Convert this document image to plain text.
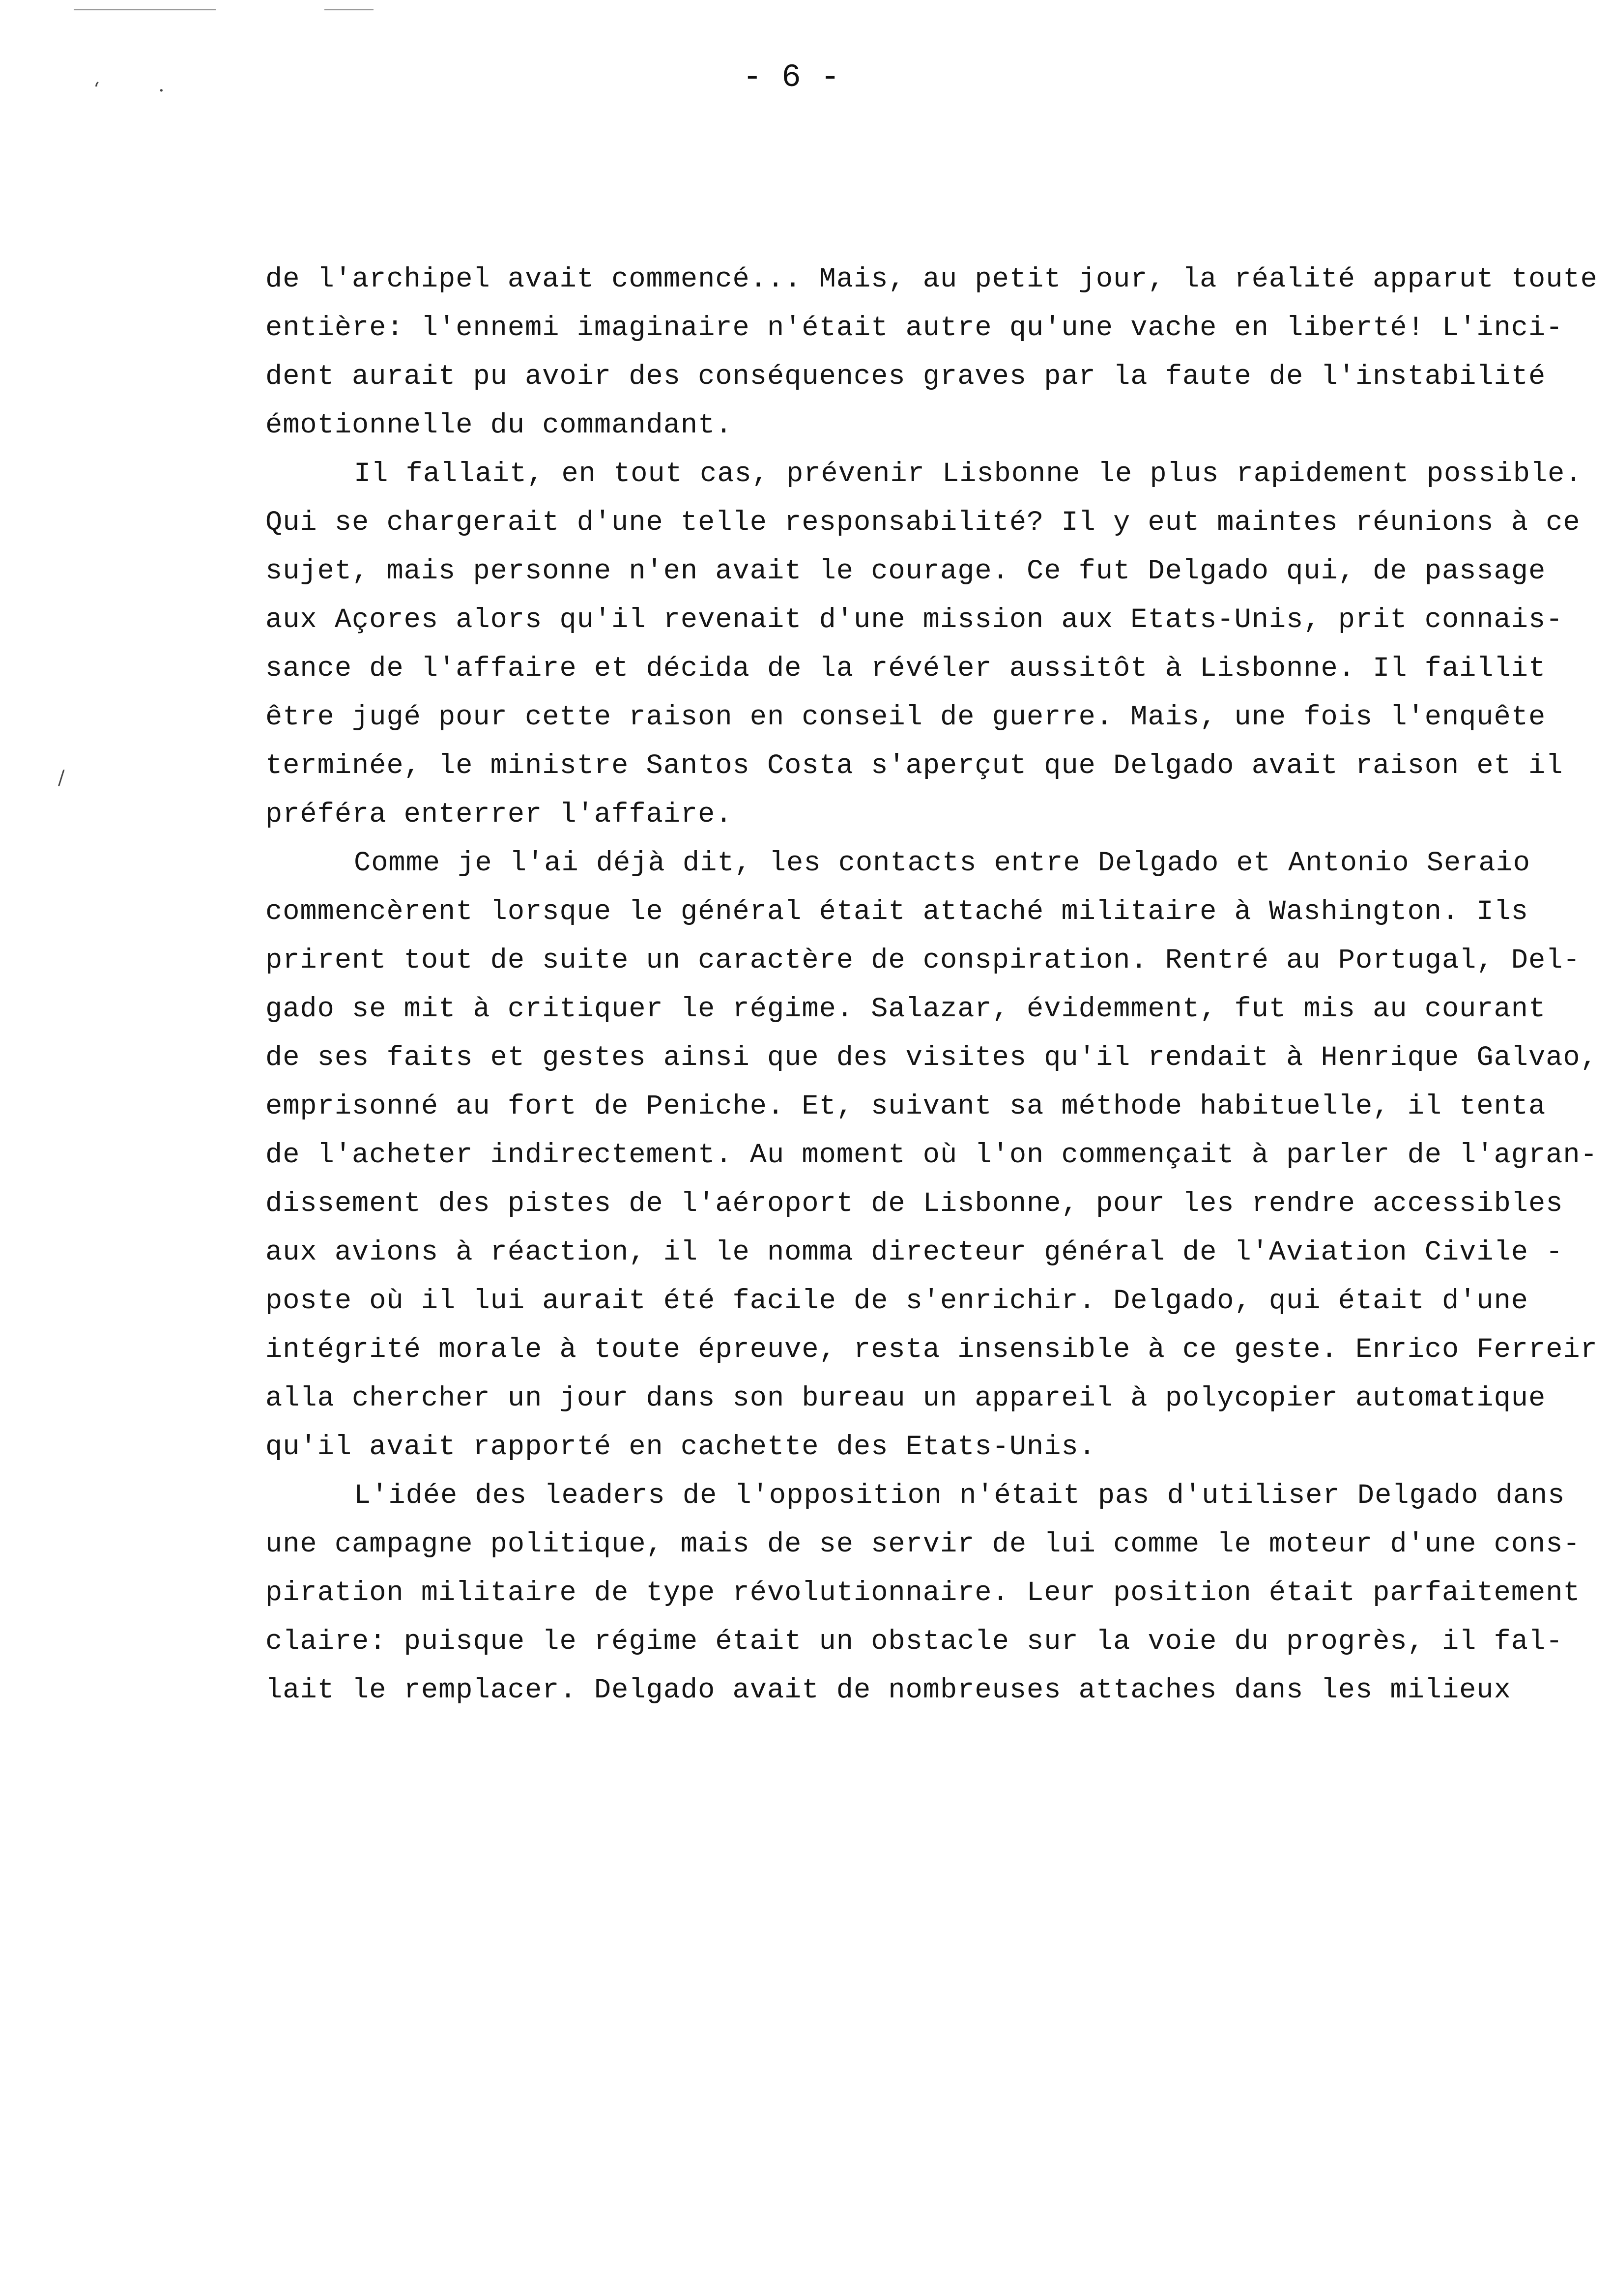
‘	·
/
- 6 -
de l'archipel avait commencé... Mais, au petit jour, la réalité apparut toute
entière: l'ennemi imaginaire n'était autre qu'une vache en liberté! L'inci-
dent aurait pu avoir des conséquences graves par la faute de l'instabilité
émotionnelle du commandant.
Il fallait, en tout cas, prévenir Lisbonne le plus rapidement possible.
Qui se chargerait d'une telle responsabilité? Il y eut maintes réunions à ce
sujet, mais personne n'en avait le courage. Ce fut Delgado qui, de passage
aux Açores alors qu'il revenait d'une mission aux Etats-Unis, prit connais-
sance de l'affaire et décida de la révéler aussitôt à Lisbonne. Il faillit
être jugé pour cette raison en conseil de guerre. Mais, une fois l'enquête
terminée, le ministre Santos Costa s'aperçut que Delgado avait raison et il
préféra enterrer l'affaire.
Comme je l'ai déjà dit, les contacts entre Delgado et Antonio Seraio
commencèrent lorsque le général était attaché militaire à Washington. Ils
prirent tout de suite un caractère de conspiration. Rentré au Portugal, Del-
gado se mit à critiquer le régime. Salazar, évidemment, fut mis au courant
de ses faits et gestes ainsi que des visites qu'il rendait à Henrique Galvao,
emprisonné au fort de Peniche. Et, suivant sa méthode habituelle, il tenta
de l'acheter indirectement. Au moment où l'on commençait à parler de l'agran-
dissement des pistes de l'aéroport de Lisbonne, pour les rendre accessibles
aux avions à réaction, il le nomma directeur général de l'Aviation Civile -
poste où il lui aurait été facile de s'enrichir. Delgado, qui était d'une
intégrité morale à toute épreuve, resta insensible à ce geste. Enrico Ferreir
alla chercher un jour dans son bureau un appareil à polycopier automatique
qu'il avait rapporté en cachette des Etats-Unis.
L'idée des leaders de l'opposition n'était pas d'utiliser Delgado dans
une campagne politique, mais de se servir de lui comme le moteur d'une cons-
piration militaire de type révolutionnaire. Leur position était parfaitement
claire: puisque le régime était un obstacle sur la voie du progrès, il fal-
lait le remplacer. Delgado avait de nombreuses attaches dans les milieux
